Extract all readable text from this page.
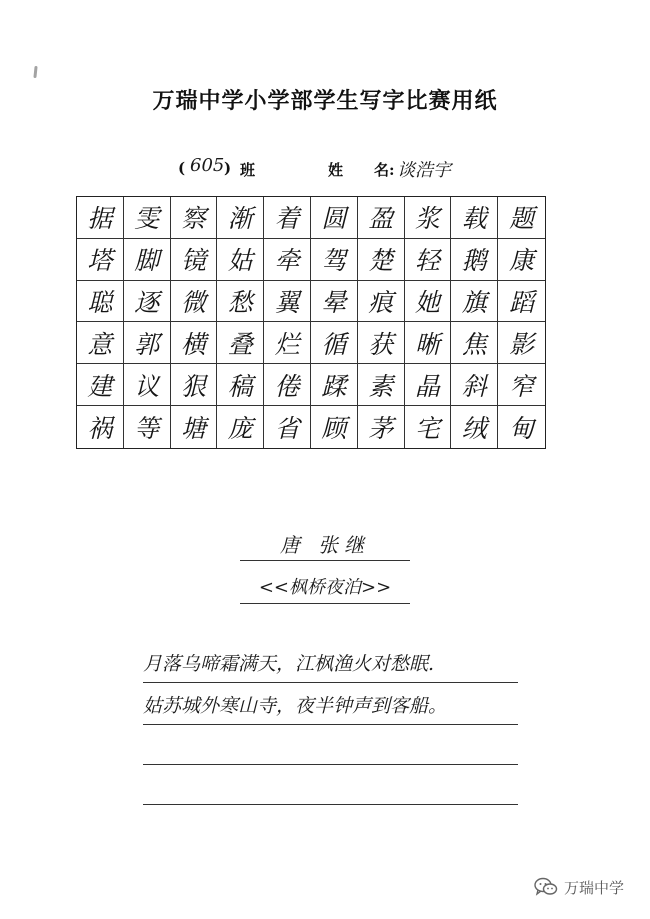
万瑞中学小学部学生写字比赛用纸
( 605 ) 班	姓 名: 谈浩宇
据 雯 察 渐 着 圆 盈 浆 载 题
塔 脚 镜 姑 牵 驾 楚 轻 鹅 康
聪 逐 微 愁 翼 晕 痕 她 旗 蹈
意 郭 横 叠 烂 循 获 晰 焦 影
建 议 狠 稿 倦 蹂 素 晶 斜 窄
祸 等 塘 庞 省 顾 茅 宅 绒 甸
唐 张继
<<枫桥夜泊>>
月落乌啼霜满天，江枫渔火对愁眠.
姑苏城外寒山寺，夜半钟声到客船。
万瑞中学
